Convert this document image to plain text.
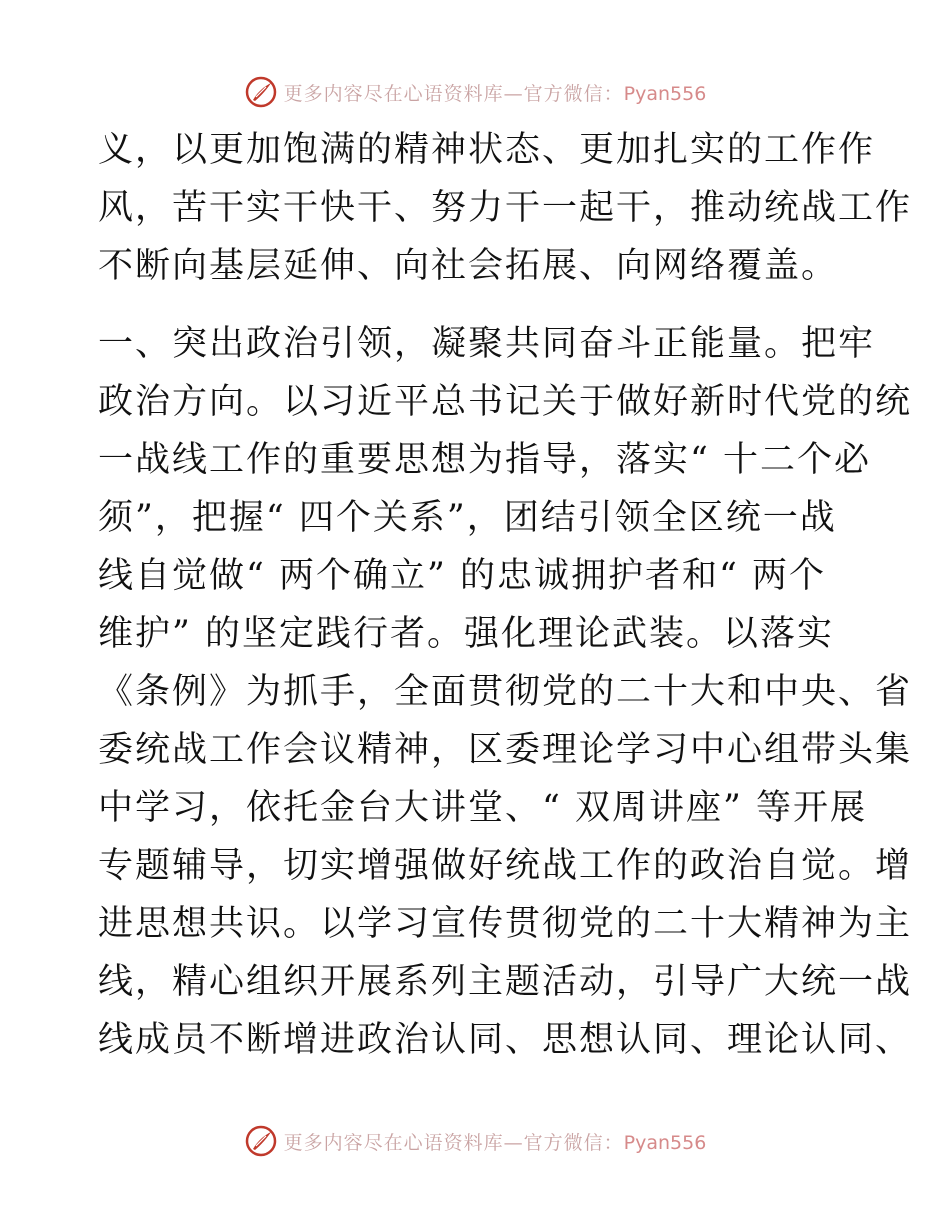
更多内容尽在心语资料库—官方微信：Pyan556
义，以更加饱满的精神状态、更加扎实的工作作
风，苦干实干快干、努力干一起干，推动统战工作
不断向基层延伸、向社会拓展、向网络覆盖。
一、突出政治引领，凝聚共同奋斗正能量。把牢
政治方向。以习近平总书记关于做好新时代党的统
一战线工作的重要思想为指导，落实“ 十二个必
须”，把握“ 四个关系”，团结引领全区统一战
线自觉做“ 两个确立” 的忠诚拥护者和“ 两个
维护” 的坚定践行者。强化理论武装。以落实
《条例》为抓手，全面贯彻党的二十大和中央、省
委统战工作会议精神，区委理论学习中心组带头集
中学习，依托金台大讲堂、“ 双周讲座” 等开展
专题辅导，切实增强做好统战工作的政治自觉。增
进思想共识。以学习宣传贯彻党的二十大精神为主
线，精心组织开展系列主题活动，引导广大统一战
线成员不断增进政治认同、思想认同、理论认同、
更多内容尽在心语资料库—官方微信：Pyan556
